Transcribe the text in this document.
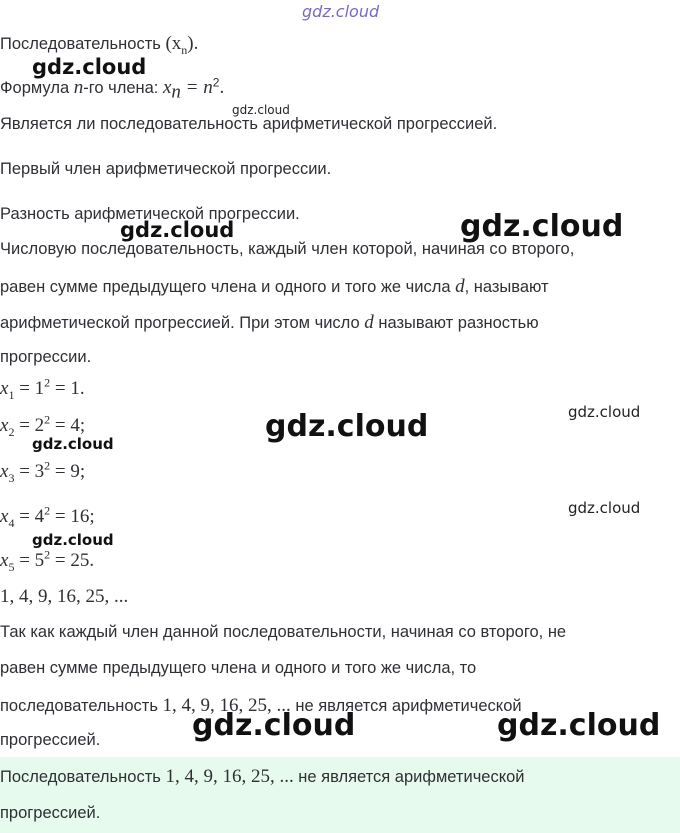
gdz.cloud
Последовательность $(x_n)$.
gdz.cloud
Формула n-го члена: $x_n = n^2$.
gdz.cloud
Является ли последовательность арифметической прогрессией.
Первый член арифметической прогрессии.
Разность арифметической прогрессии.
gdz.cloud	gdz.cloud
Числовую последовательность, каждый член которой, начиная со второго,
равен сумме предыдущего члена и одного и того же числа d, называют
арифметической прогрессией. При этом число d называют разностью
прогрессии.
$x_1 = 1^2 = 1$.
$x_2 = 2^2 = 4$;
gdz.cloud	gdz.cloud	gdz.cloud
$x_3 = 3^2 = 9$;
gdz.cloud
$x_4 = 4^2 = 16$;
gdz.cloud
$x_5 = 5^2 = 25$.
1, 4, 9, 16, 25, ...
Так как каждый член данной последовательности, начиная со второго, не
равен сумме предыдущего члена и одного и того же числа, то
последовательность 1, 4, 9, 16, 25, ... не является арифметической
прогрессией.	gdz.cloud	gdz.cloud
Последовательность 1, 4, 9, 16, 25, ... не является арифметической
прогрессией.
